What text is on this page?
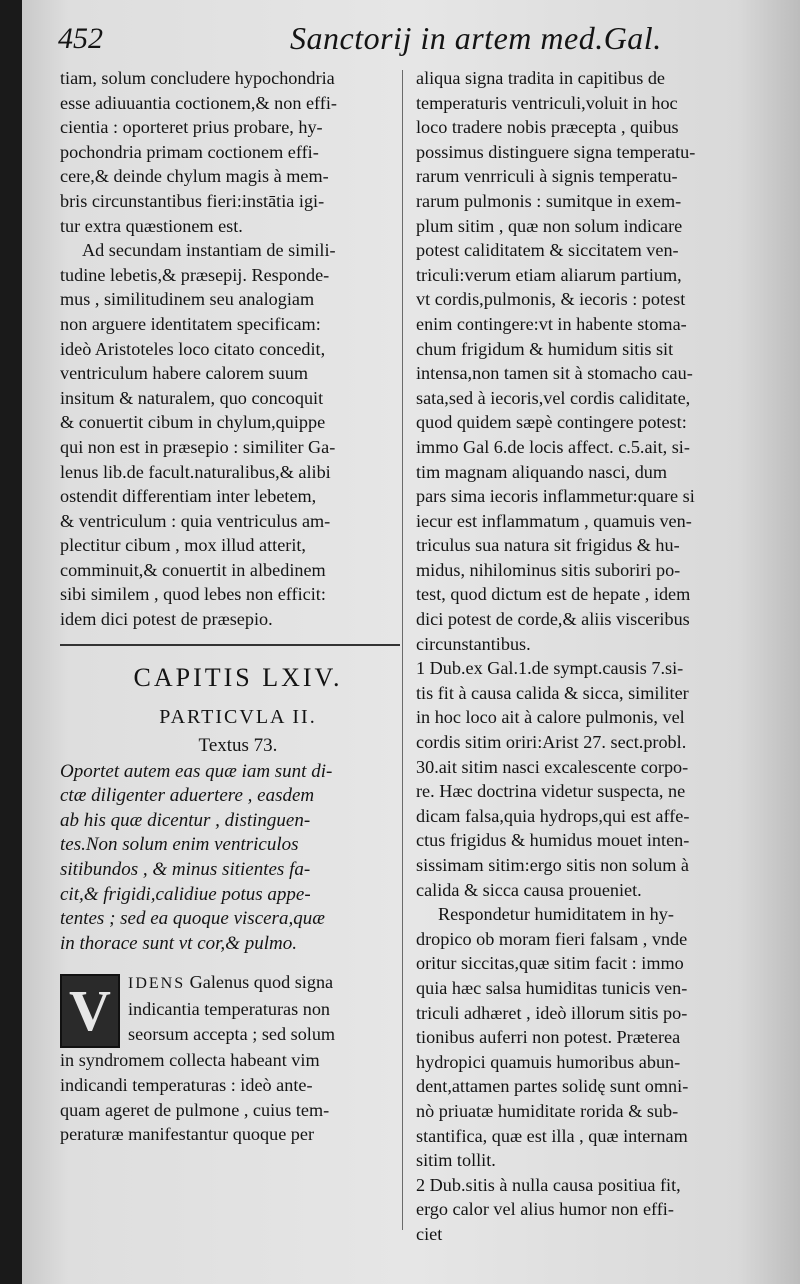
452	Sanctorij in artem med.Gal.
tiam, solum concludere hypochondria
esse adiuuantia coctionem,& non effi-
cientia : oporteret prius probare, hy-
pochondria primam coctionem effi-
cere,& deinde chylum magis à mem-
bris circunstantibus fieri:instātia igi-
tur extra quæstionem est.
Ad secundam instantiam de simili-
tudine lebetis,& præsepij. Responde-
mus , similitudinem seu analogiam
non arguere identitatem specificam:
ideò Aristoteles loco citato concedit,
ventriculum habere calorem suum
insitum & naturalem, quo concoquit
& conuertit cibum in chylum,quippe
qui non est in præsepio : similiter Ga-
lenus lib.de facult.naturalibus,& alibi
ostendit differentiam inter lebetem,
& ventriculum : quia ventriculus am-
plectitur cibum , mox illud atterit,
comminuit,& conuertit in albedinem
sibi similem , quod lebes non efficit:
idem dici potest de præsepio.
CAPITIS LXIV.
PARTICVLA II.
Textus 73.
Oportet autem eas quæ iam sunt di-
ctæ diligenter aduertere , easdem
ab his quæ dicentur , distinguen-
tes.Non solum enim ventriculos
sitibundos , & minus sitientes fa-
cit,& frigidi,calidiue potus appe-
tentes ; sed ea quoque viscera,quæ
in thorace sunt vt cor,& pulmo.
V	IDENS Galenus quod signa
indicantia temperaturas non
seorsum accepta ; sed solum
in syndromem collecta habeant vim
indicandi temperaturas : ideò ante-
quam ageret de pulmone , cuius tem-
peraturæ manifestantur quoque per
aliqua signa tradita in capitibus de
temperaturis ventriculi,voluit in hoc
loco tradere nobis præcepta , quibus
possimus distinguere signa temperatu-
rarum venrriculi à signis temperatu-
rarum pulmonis : sumitque in exem-
plum sitim , quæ non solum indicare
potest caliditatem & siccitatem ven-
triculi:verum etiam aliarum partium,
vt cordis,pulmonis, & iecoris : potest
enim contingere:vt in habente stoma-
chum frigidum & humidum sitis sit
intensa,non tamen sit à stomacho cau-
sata,sed à iecoris,vel cordis caliditate,
quod quidem sæpè contingere potest:
immo Gal 6.de locis affect. c.5.ait, si-
tim magnam aliquando nasci, dum
pars sima iecoris inflammetur:quare si
iecur est inflammatum , quamuis ven-
triculus sua natura sit frigidus & hu-
midus, nihilominus sitis suboriri po-
test, quod dictum est de hepate , idem
dici potest de corde,& aliis visceribus
circunstantibus.
1 Dub.ex Gal.1.de sympt.causis 7.si-
tis fit à causa calida & sicca, similiter
in hoc loco ait à calore pulmonis, vel
cordis sitim oriri:Arist 27. sect.probl.
30.ait sitim nasci excalescente corpo-
re. Hæc doctrina videtur suspecta, ne
dicam falsa,quia hydrops,qui est affe-
ctus frigidus & humidus mouet inten-
sissimam sitim:ergo sitis non solum à
calida & sicca causa proueniet.
Respondetur humiditatem in hy-
dropico ob moram fieri falsam , vnde
oritur siccitas,quæ sitim facit : immo
quia hæc salsa humiditas tunicis ven-
triculi adhæret , ideò illorum sitis po-
tionibus auferri non potest. Præterea
hydropici quamuis humoribus abun-
dent,attamen partes solidę sunt omni-
nò priuatæ humiditate rorida & sub-
stantifica, quæ est illa , quæ internam
sitim tollit.
2 Dub.sitis à nulla causa positiua fit,
ergo calor vel alius humor non effi-
ciet
